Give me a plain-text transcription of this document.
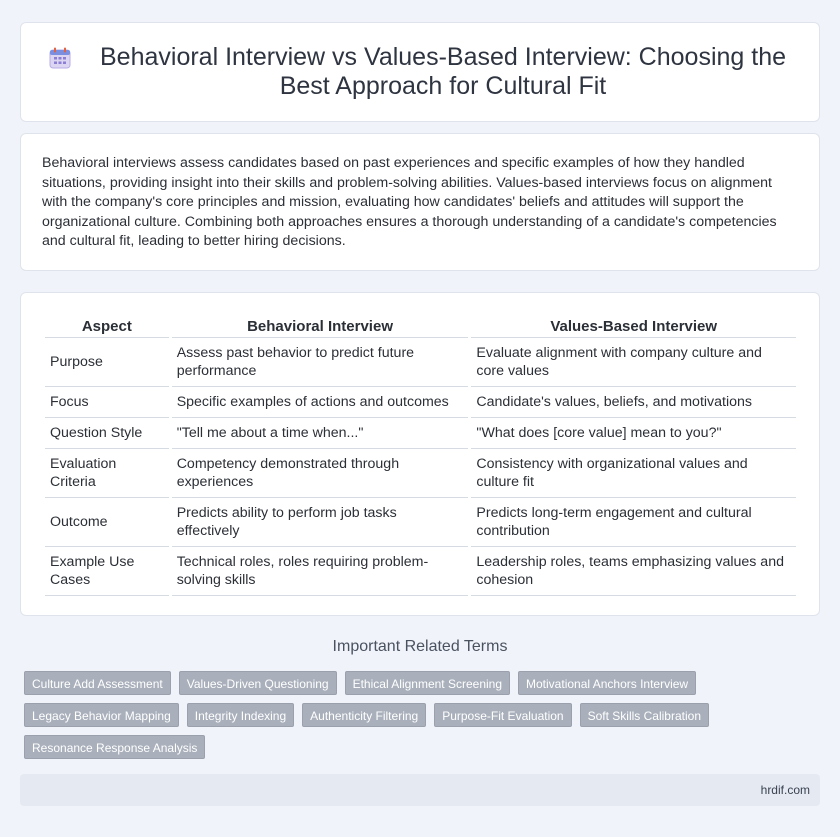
Behavioral Interview vs Values-Based Interview: Choosing the Best Approach for Cultural Fit

Behavioral interviews assess candidates based on past experiences and specific examples of how they handled situations, providing insight into their skills and problem-solving abilities. Values-based interviews focus on alignment with the company's core principles and mission, evaluating how candidates' beliefs and attitudes will support the organizational culture. Combining both approaches ensures a thorough understanding of a candidate's competencies and cultural fit, leading to better hiring decisions.

Aspect	Behavioral Interview	Values-Based Interview
Purpose	Assess past behavior to predict future performance	Evaluate alignment with company culture and core values
Focus	Specific examples of actions and outcomes	Candidate's values, beliefs, and motivations
Question Style	"Tell me about a time when..."	"What does [core value] mean to you?"
Evaluation Criteria	Competency demonstrated through experiences	Consistency with organizational values and culture fit
Outcome	Predicts ability to perform job tasks effectively	Predicts long-term engagement and cultural contribution
Example Use Cases	Technical roles, roles requiring problem-solving skills	Leadership roles, teams emphasizing values and cohesion
Important Related Terms
Culture Add Assessment	Values-Driven Questioning	Ethical Alignment Screening	Motivational Anchors Interview
Legacy Behavior Mapping	Integrity Indexing	Authenticity Filtering	Purpose-Fit Evaluation	Soft Skills Calibration
Resonance Response Analysis
hrdif.com
